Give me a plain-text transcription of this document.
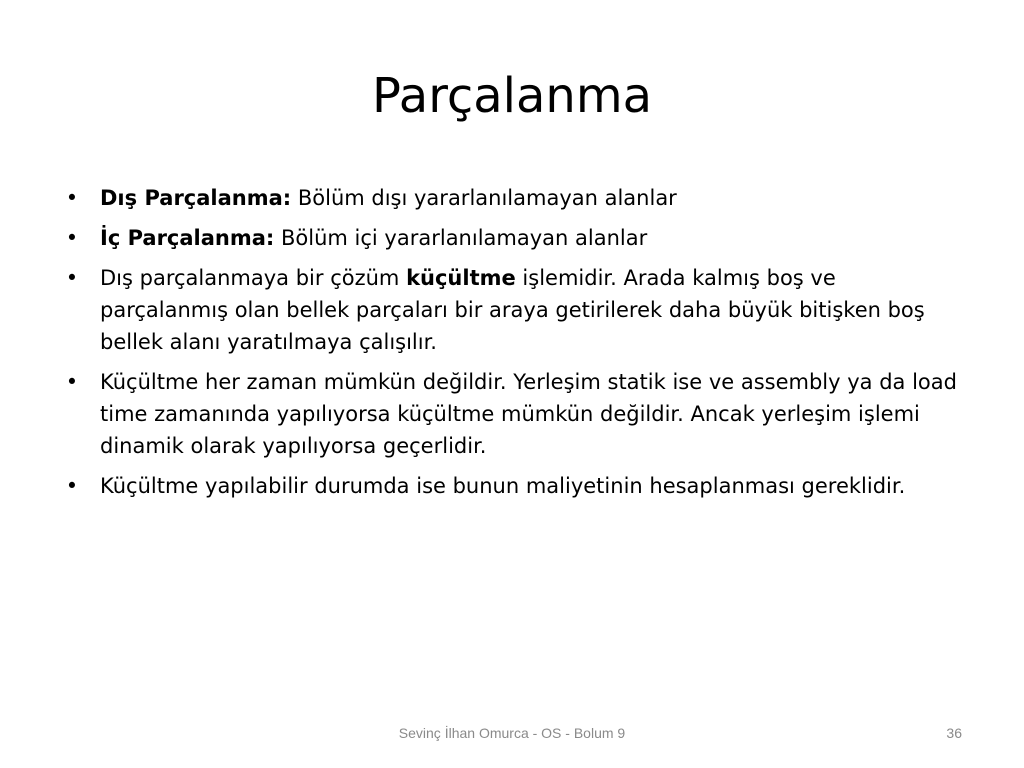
Parçalanma
• Dış Parçalanma: Bölüm dışı yararlanılamayan alanlar
• İç Parçalanma: Bölüm içi yararlanılamayan alanlar
• Dış parçalanmaya bir çözüm küçültme işlemidir. Arada kalmış boş ve parçalanmış olan bellek parçaları bir araya getirilerek daha büyük bitişken boş bellek alanı yaratılmaya çalışılır.
• Küçültme her zaman mümkün değildir. Yerleşim statik ise ve assembly ya da load time zamanında yapılıyorsa küçültme mümkün değildir. Ancak yerleşim işlemi dinamik olarak yapılıyorsa geçerlidir.
• Küçültme yapılabilir durumda ise bunun maliyetinin hesaplanması gereklidir.
Sevinç İlhan Omurca - OS - Bolum 9	36
